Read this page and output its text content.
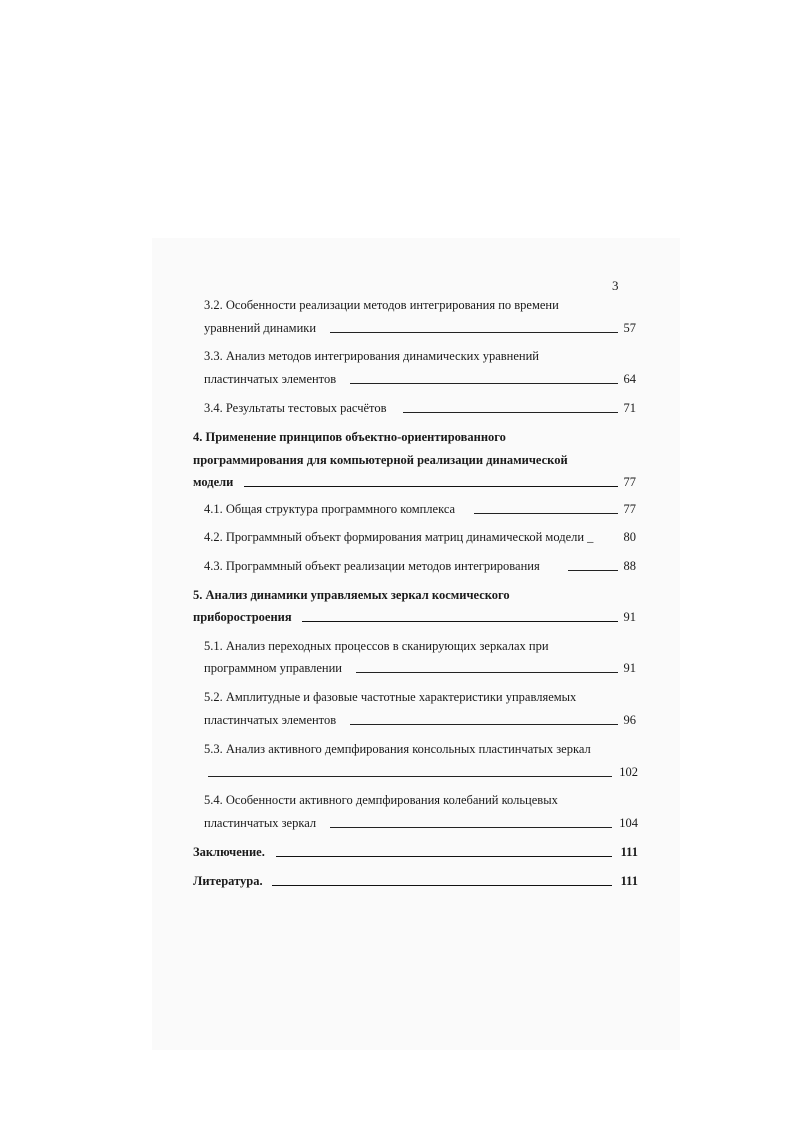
3
3.2. Особенности реализации методов интегрирования по времени
уравнений динамики	57
3.3. Анализ методов интегрирования динамических уравнений
пластинчатых элементов	64
3.4. Результаты тестовых расчётов	71
4. Применение принципов объектно-ориентированного
программирования для компьютерной реализации динамической
модели	77
4.1. Общая структура программного комплекса	77
4.2. Программный объект формирования матриц динамической модели _	80
4.3. Программный объект реализации методов интегрирования	88
5. Анализ динамики управляемых зеркал космического
приборостроения	91
5.1. Анализ переходных процессов в сканирующих зеркалах при
программном управлении	91
5.2. Амплитудные и фазовые частотные характеристики управляемых
пластинчатых элементов	96
5.3. Анализ активного демпфирования консольных пластинчатых зеркал
102
5.4. Особенности активного демпфирования колебаний кольцевых
пластинчатых зеркал	104
Заключение.	111
Литература.	111
